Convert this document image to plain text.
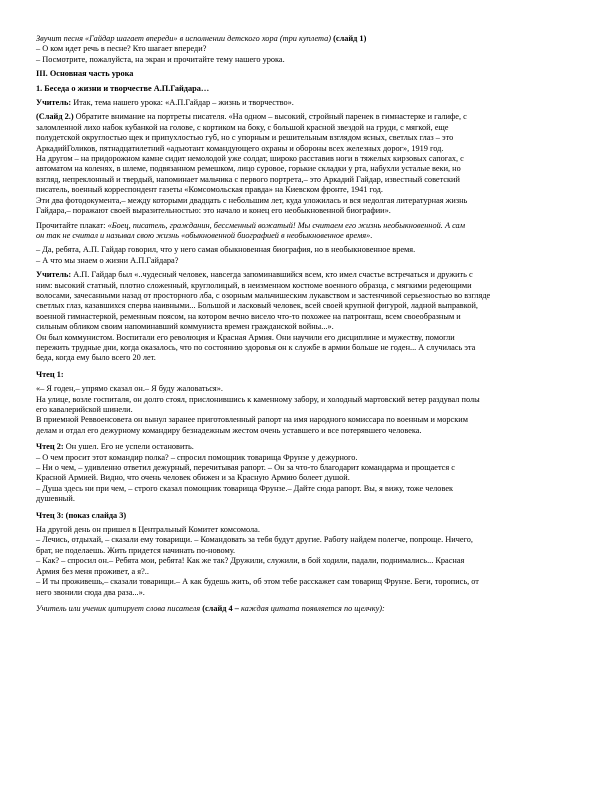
Звучит песня «Гайдар шагает впереди» в исполнении детского хора (три куплета) (слайд 1)

– О ком идет речь в песне? Кто шагает впереди?

– Посмотрите, пожалуйста, на экран и прочитайте тему нашего урока.

III. Основная часть урока

1. Беседа о жизни и творчестве А.П.Гайдара…

Учитель: Итак, тема нашего урока: «А.П.Гайдар – жизнь и творчество».

(Слайд 2.) Обратите внимание на портреты писателя. «На одном – высокий, стройный паренек в гимнастерке и галифе, с

заломленной лихо набок кубанкой на голове, с кортиком на боку, с большой красной звездой на груди, с мягкой, еще

полудетской округлостью щек и припухлостью губ, но с упорным и решительным взглядом ясных, светлых глаз – это

АркадийГоликов, пятнадцатилетний «адъютант командующего охраны и обороны всех железных дорог», 1919 год.

На другом – на придорожном камне сидит немолодой уже солдат, широко расставив ноги в тяжелых кирзовых сапогах, с

автоматом на коленях, в шлеме, подвязанном ремешком, лицо суровое, горькие складки у рта, набухли усталые веки, но

взгляд, непреклонный и твердый, напоминает мальчика с первого портрета,– это Аркадий Гайдар, известный советский

писатель, военный корреспондент газеты «Комсомольская правда» на Киевском фронте, 1941 год.

Эти два фотодокумента,– между которыми двадцать с небольшим лет, куда уложилась и вся недолгая литературная жизнь

Гайдара,– поражают своей выразительностью: это начало и конец его необыкновенной биографии».

Прочитайте плакат: «Боец, писатель, гражданин, бессменный вожатый! Мы считаем его жизнь необыкновенной. А сам

он так не считал и называл свою жизнь «обыкновенной биографией в необыкновенное время».

– Да, ребята, А.П. Гайдар говорил, что у него самая обыкновенная биография, но в необыкновенное время.

– А что мы знаем о жизни А.П.Гайдара?

Учитель: А.П. Гайдар был «..чудесный человек, навсегда запоминавшийся всем, кто имел счастье встречаться и дружить с

ним: высокий статный, плотно сложенный, круглолицый, в неизменном костюме военного образца, с мягкими редеющими

волосами, зачесанными назад от просторного лба, с озорным мальчишеским лукавством и застенчивой серьезностью во взгляде

светлых глаз, казавшихся сперва наивными... Большой и ласковый человек, всей своей крупной фигурой, ладной выправкой,

военной гимнастеркой, ременным поясом, на котором вечно висело что-то похожее на патронташ, всем своеобразным и

сильным обликом своим напоминавший коммуниста времен гражданской войны...».

Он был коммунистом. Воспитали его революция и Красная Армия. Они научили его дисциплине и мужеству, помогли

пережить трудные дни, когда оказалось, что по состоянию здоровья он к службе в армии больше не годен... А случилась эта

беда, когда ему было всего 20 лет.

Чтец 1:

«– Я годен,– упрямо сказал он.– Я буду жаловаться».

На улице, возле госпиталя, он долго стоял, прислонившись к каменному забору, и холодный мартовский ветер раздувал полы

его кавалерийской шинели.

В приемной Реввоенсовета он вынул заранее приготовленный рапорт на имя народного комиссара по военным и морским

делам и отдал его дежурному командиру безнадежным жестом очень уставшего и все потерявшего человека.

Чтец 2: Он ушел. Его не успели остановить.

– О чем просит этот командир полка? – спросил помощник товарища Фрунзе у дежурного.

– Ни о чем, – удивленно ответил дежурный, перечитывая рапорт. – Он за что-то благодарит командарма и прощается с

Красной Армией. Видно, что очень человек обижен и за Красную Армию болеет душой.

– Душа здесь ни при чем, – строго сказал помощник товарища Фрунзе.– Дайте сюда рапорт. Вы, я вижу, тоже человек

душевный.

Чтец 3: (показ слайда 3)

На другой день он пришел в Центральный Комитет комсомола.

– Лечись, отдыхай, – сказали ему товарищи. – Командовать за тебя будут другие. Работу найдем полегче, попроще. Ничего,

брат, не поделаешь. Жить придется начинать по-новому.

– Как? – спросил он.– Ребята мои, ребята! Как же так? Дружили, служили, в бой ходили, падали, поднимались... Красная

Армия без меня проживет, а я?..

– И ты проживешь,– сказали товарищи.– А как будешь жить, об этом тебе расскажет сам товарищ Фрунзе. Беги, торопись, от

него звонили сюда два раза...».

Учитель или ученик цитирует слова писателя (слайд 4 – каждая цитата появляется по щелчку):
